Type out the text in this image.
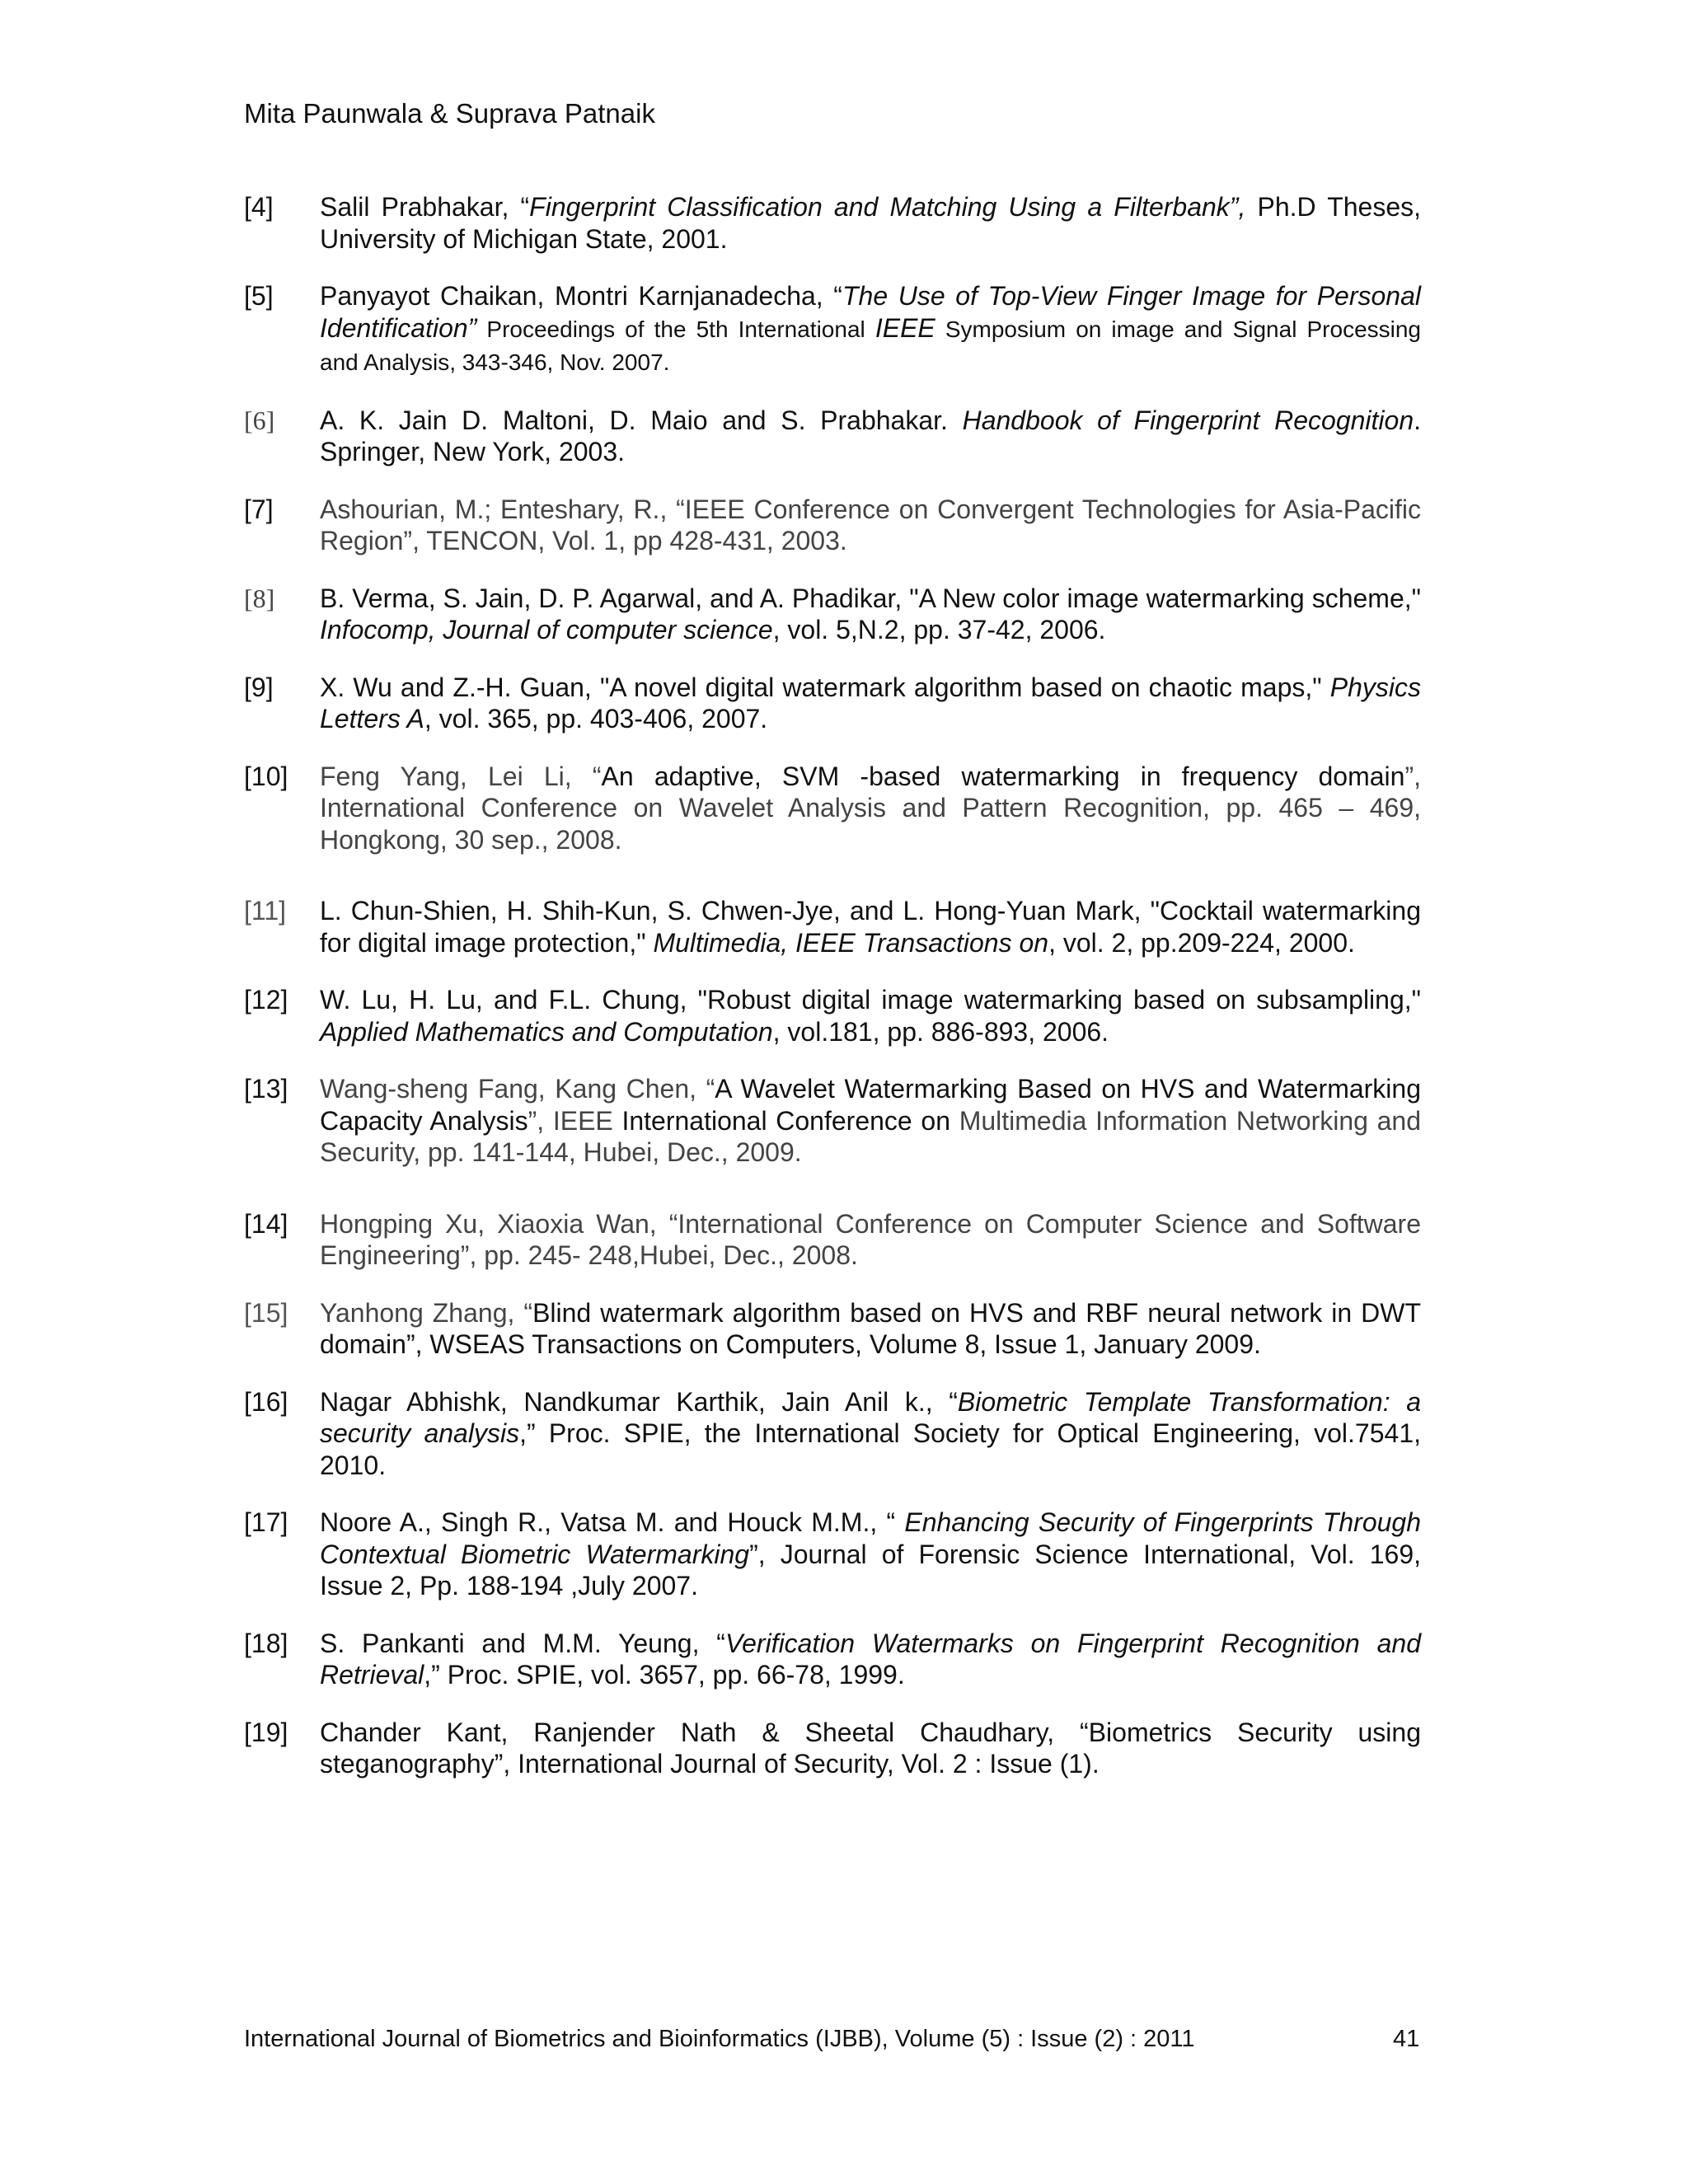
Mita Paunwala & Suprava Patnaik
[4] Salil Prabhakar, “Fingerprint Classification and Matching Using a Filterbank”, Ph.D Theses, University of Michigan State, 2001.
[5] Panyayot Chaikan, Montri Karnjanadecha, “The Use of Top-View Finger Image for Personal Identification” Proceedings of the 5th International IEEE Symposium on image and Signal Processing and Analysis, 343-346, Nov. 2007.
[6] A. K. Jain D. Maltoni, D. Maio and S. Prabhakar. Handbook of Fingerprint Recognition. Springer, New York, 2003.
[7] Ashourian, M.; Enteshary, R., “IEEE Conference on Convergent Technologies for Asia-Pacific Region”, TENCON, Vol. 1, pp 428-431, 2003.
[8] B. Verma, S. Jain, D. P. Agarwal, and A. Phadikar, "A New color image watermarking scheme," Infocomp, Journal of computer science, vol. 5,N.2, pp. 37-42, 2006.
[9] X. Wu and Z.-H. Guan, "A novel digital watermark algorithm based on chaotic maps," Physics Letters A, vol. 365, pp. 403-406, 2007.
[10] Feng Yang, Lei Li, “An adaptive, SVM -based watermarking in frequency domain”, International Conference on Wavelet Analysis and Pattern Recognition, pp. 465 – 469, Hongkong, 30 sep., 2008.
[11] L. Chun-Shien, H. Shih-Kun, S. Chwen-Jye, and L. Hong-Yuan Mark, "Cocktail watermarking for digital image protection," Multimedia, IEEE Transactions on, vol. 2, pp.209-224, 2000.
[12] W. Lu, H. Lu, and F.L. Chung, "Robust digital image watermarking based on subsampling," Applied Mathematics and Computation, vol.181, pp. 886-893, 2006.
[13] Wang-sheng Fang, Kang Chen, “A Wavelet Watermarking Based on HVS and Watermarking Capacity Analysis”, IEEE International Conference on Multimedia Information Networking and Security, pp. 141-144, Hubei, Dec., 2009.
[14] Hongping Xu, Xiaoxia Wan, “International Conference on Computer Science and Software Engineering”, pp. 245- 248,Hubei, Dec., 2008.
[15] Yanhong Zhang, “Blind watermark algorithm based on HVS and RBF neural network in DWT domain”, WSEAS Transactions on Computers, Volume 8, Issue 1, January 2009.
[16] Nagar Abhishk, Nandkumar Karthik, Jain Anil k., “Biometric Template Transformation: a security analysis,” Proc. SPIE, the International Society for Optical Engineering, vol.7541, 2010.
[17] Noore A., Singh R., Vatsa M. and Houck M.M., “ Enhancing Security of Fingerprints Through Contextual Biometric Watermarking”, Journal of Forensic Science International, Vol. 169, Issue 2, Pp. 188-194 ,July 2007.
[18] S. Pankanti and M.M. Yeung, “Verification Watermarks on Fingerprint Recognition and Retrieval,” Proc. SPIE, vol. 3657, pp. 66-78, 1999.
[19] Chander Kant, Ranjender Nath & Sheetal Chaudhary, “Biometrics Security using steganography”, International Journal of Security, Vol. 2 : Issue (1).
International Journal of Biometrics and Bioinformatics (IJBB), Volume (5) : Issue (2) : 2011	41
